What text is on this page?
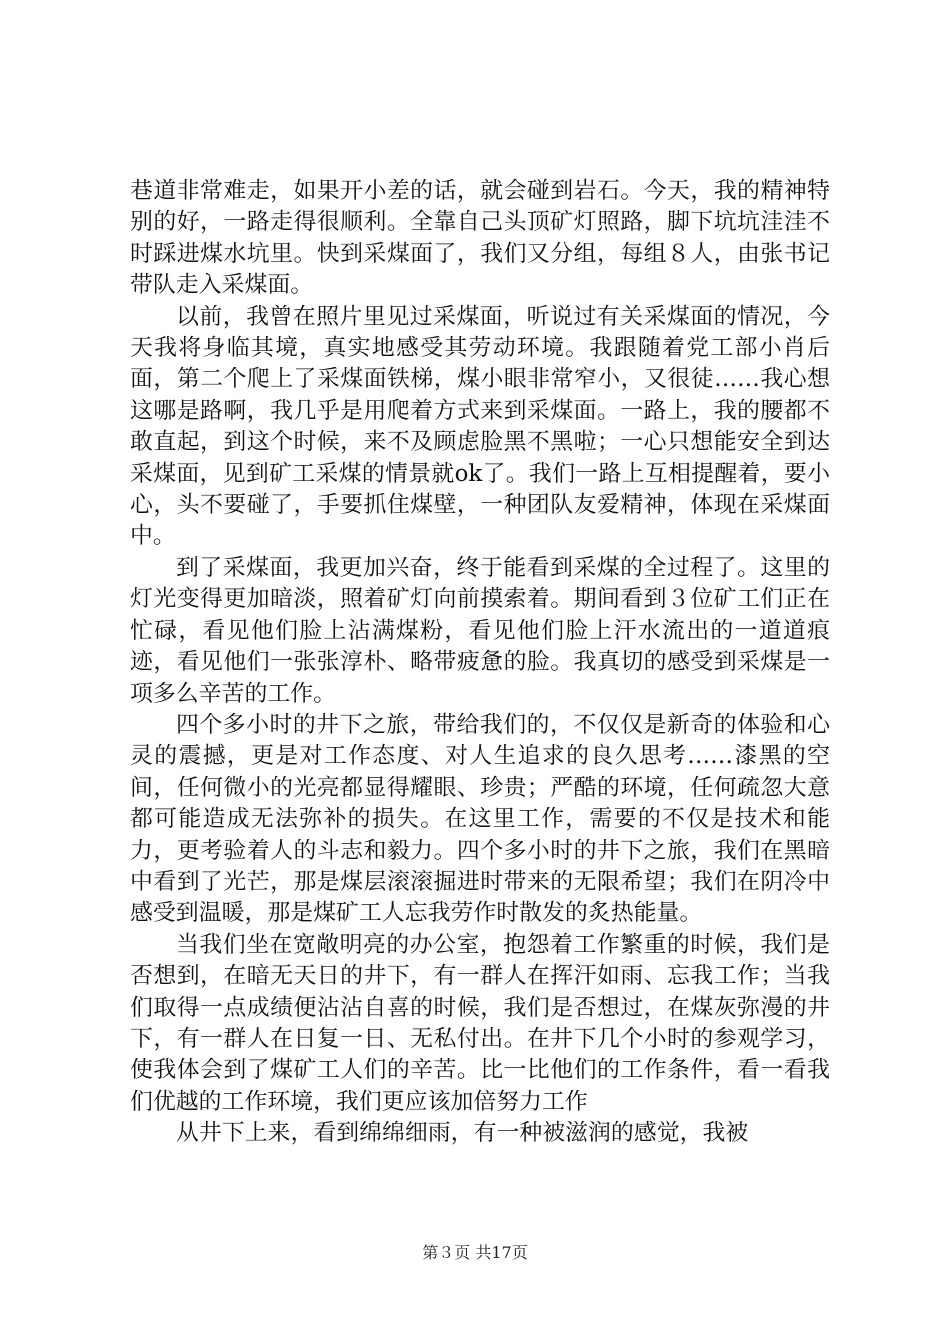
巷道非常难走，如果开小差的话，就会碰到岩石。今天，我的精神特别的好，一路走得很顺利。全靠自己头顶矿灯照路，脚下坑坑洼洼不时踩进煤水坑里。快到采煤面了，我们又分组，每组８人，由张书记带队走入采煤面。

以前，我曾在照片里见过采煤面，听说过有关采煤面的情况，今天我将身临其境，真实地感受其劳动环境。我跟随着党工部小肖后面，第二个爬上了采煤面铁梯，煤小眼非常窄小，又很徒……我心想这哪是路啊，我几乎是用爬着方式来到采煤面。一路上，我的腰都不敢直起，到这个时候，来不及顾虑脸黑不黑啦；一心只想能安全到达采煤面，见到矿工采煤的情景就ok了。我们一路上互相提醒着，要小心，头不要碰了，手要抓住煤壁，一种团队友爱精神，体现在采煤面中。

到了采煤面，我更加兴奋，终于能看到采煤的全过程了。这里的灯光变得更加暗淡，照着矿灯向前摸索着。期间看到３位矿工们正在忙碌，看见他们脸上沾满煤粉，看见他们脸上汗水流出的一道道痕迹，看见他们一张张淳朴、略带疲惫的脸。我真切的感受到采煤是一项多么辛苦的工作。

四个多小时的井下之旅，带给我们的，不仅仅是新奇的体验和心灵的震撼，更是对工作态度、对人生追求的良久思考……漆黑的空间，任何微小的光亮都显得耀眼、珍贵；严酷的环境，任何疏忽大意都可能造成无法弥补的损失。在这里工作，需要的不仅是技术和能力，更考验着人的斗志和毅力。四个多小时的井下之旅，我们在黑暗中看到了光芒，那是煤层滚滚掘进时带来的无限希望；我们在阴冷中感受到温暖，那是煤矿工人忘我劳作时散发的炙热能量。

当我们坐在宽敞明亮的办公室，抱怨着工作繁重的时候，我们是否想到，在暗无天日的井下，有一群人在挥汗如雨、忘我工作；当我们取得一点成绩便沾沾自喜的时候，我们是否想过，在煤灰弥漫的井下，有一群人在日复一日、无私付出。在井下几个小时的参观学习，使我体会到了煤矿工人们的辛苦。比一比他们的工作条件，看一看我们优越的工作环境，我们更应该加倍努力工作

从井下上来，看到绵绵细雨，有一种被滋润的感觉，我被

第３页 共17页
